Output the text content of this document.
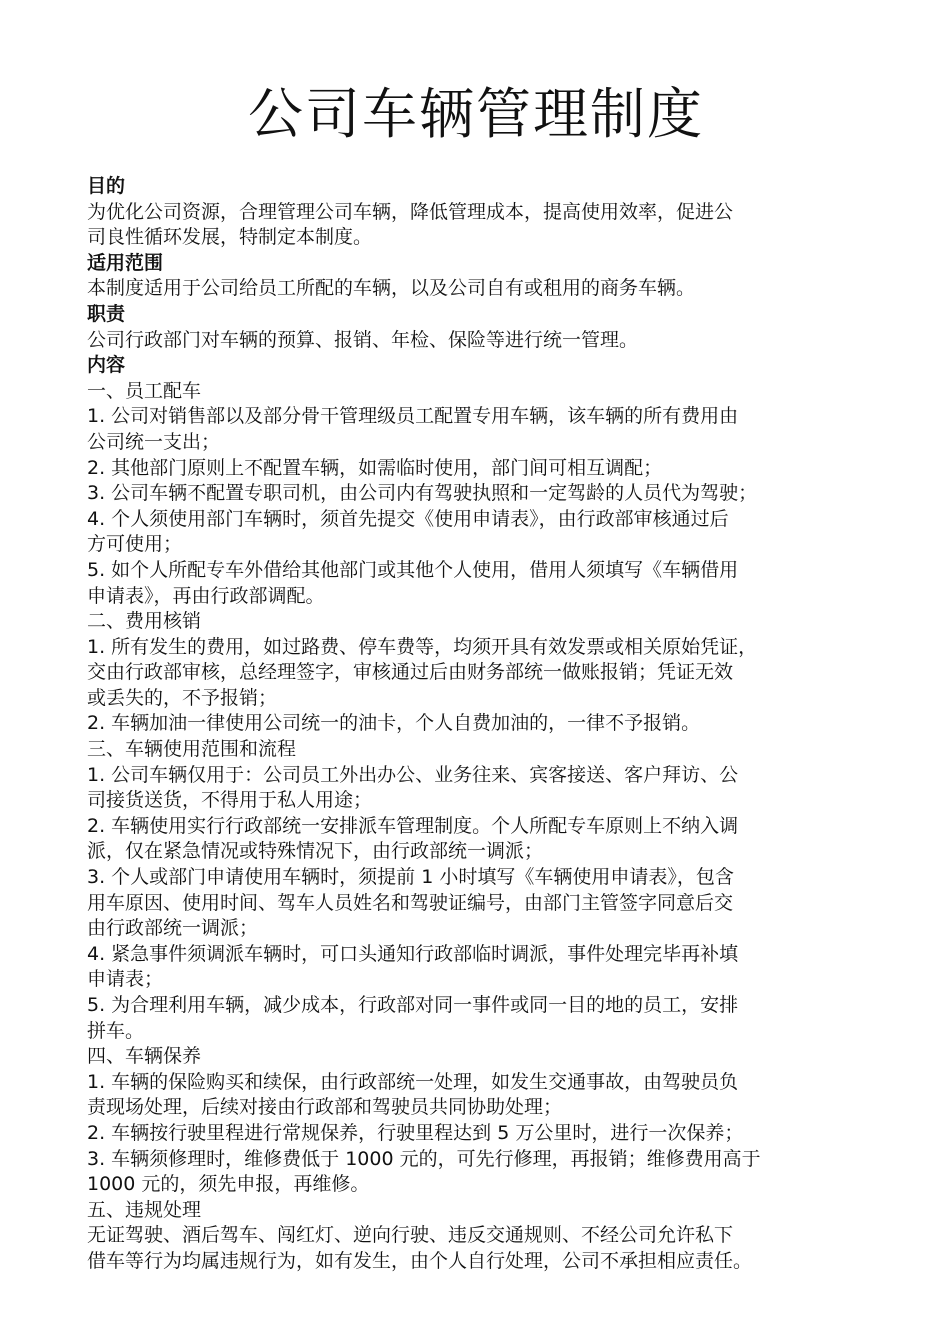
公司车辆管理制度

目的

为优化公司资源，合理管理公司车辆，降低管理成本，提高使用效率，促进公

司良性循环发展，特制定本制度。

适用范围

本制度适用于公司给员工所配的车辆，以及公司自有或租用的商务车辆。

职责

公司行政部门对车辆的预算、报销、年检、保险等进行统一管理。

内容

一、员工配车

1. 公司对销售部以及部分骨干管理级员工配置专用车辆，该车辆的所有费用由

公司统一支出；

2. 其他部门原则上不配置车辆，如需临时使用，部门间可相互调配；

3. 公司车辆不配置专职司机，由公司内有驾驶执照和一定驾龄的人员代为驾驶；

4. 个人须使用部门车辆时，须首先提交《使用申请表》，由行政部审核通过后

方可使用；

5. 如个人所配专车外借给其他部门或其他个人使用，借用人须填写《车辆借用

申请表》，再由行政部调配。

二、费用核销

1. 所有发生的费用，如过路费、停车费等，均须开具有效发票或相关原始凭证，

交由行政部审核，总经理签字，审核通过后由财务部统一做账报销；凭证无效

或丢失的，不予报销；

2. 车辆加油一律使用公司统一的油卡，个人自费加油的，一律不予报销。

三、车辆使用范围和流程

1. 公司车辆仅用于：公司员工外出办公、业务往来、宾客接送、客户拜访、公

司接货送货，不得用于私人用途；

2. 车辆使用实行行政部统一安排派车管理制度。个人所配专车原则上不纳入调

派，仅在紧急情况或特殊情况下，由行政部统一调派；

3. 个人或部门申请使用车辆时，须提前 1 小时填写《车辆使用申请表》，包含

用车原因、使用时间、驾车人员姓名和驾驶证编号，由部门主管签字同意后交

由行政部统一调派；

4. 紧急事件须调派车辆时，可口头通知行政部临时调派，事件处理完毕再补填

申请表；

5. 为合理利用车辆，减少成本，行政部对同一事件或同一目的地的员工，安排

拼车。

四、车辆保养

1. 车辆的保险购买和续保，由行政部统一处理，如发生交通事故，由驾驶员负

责现场处理，后续对接由行政部和驾驶员共同协助处理；

2. 车辆按行驶里程进行常规保养，行驶里程达到 5 万公里时，进行一次保养；

3. 车辆须修理时，维修费低于 1000 元的，可先行修理，再报销；维修费用高于

1000 元的，须先申报，再维修。

五、违规处理

无证驾驶、酒后驾车、闯红灯、逆向行驶、违反交通规则、不经公司允许私下

借车等行为均属违规行为，如有发生，由个人自行处理，公司不承担相应责任。
